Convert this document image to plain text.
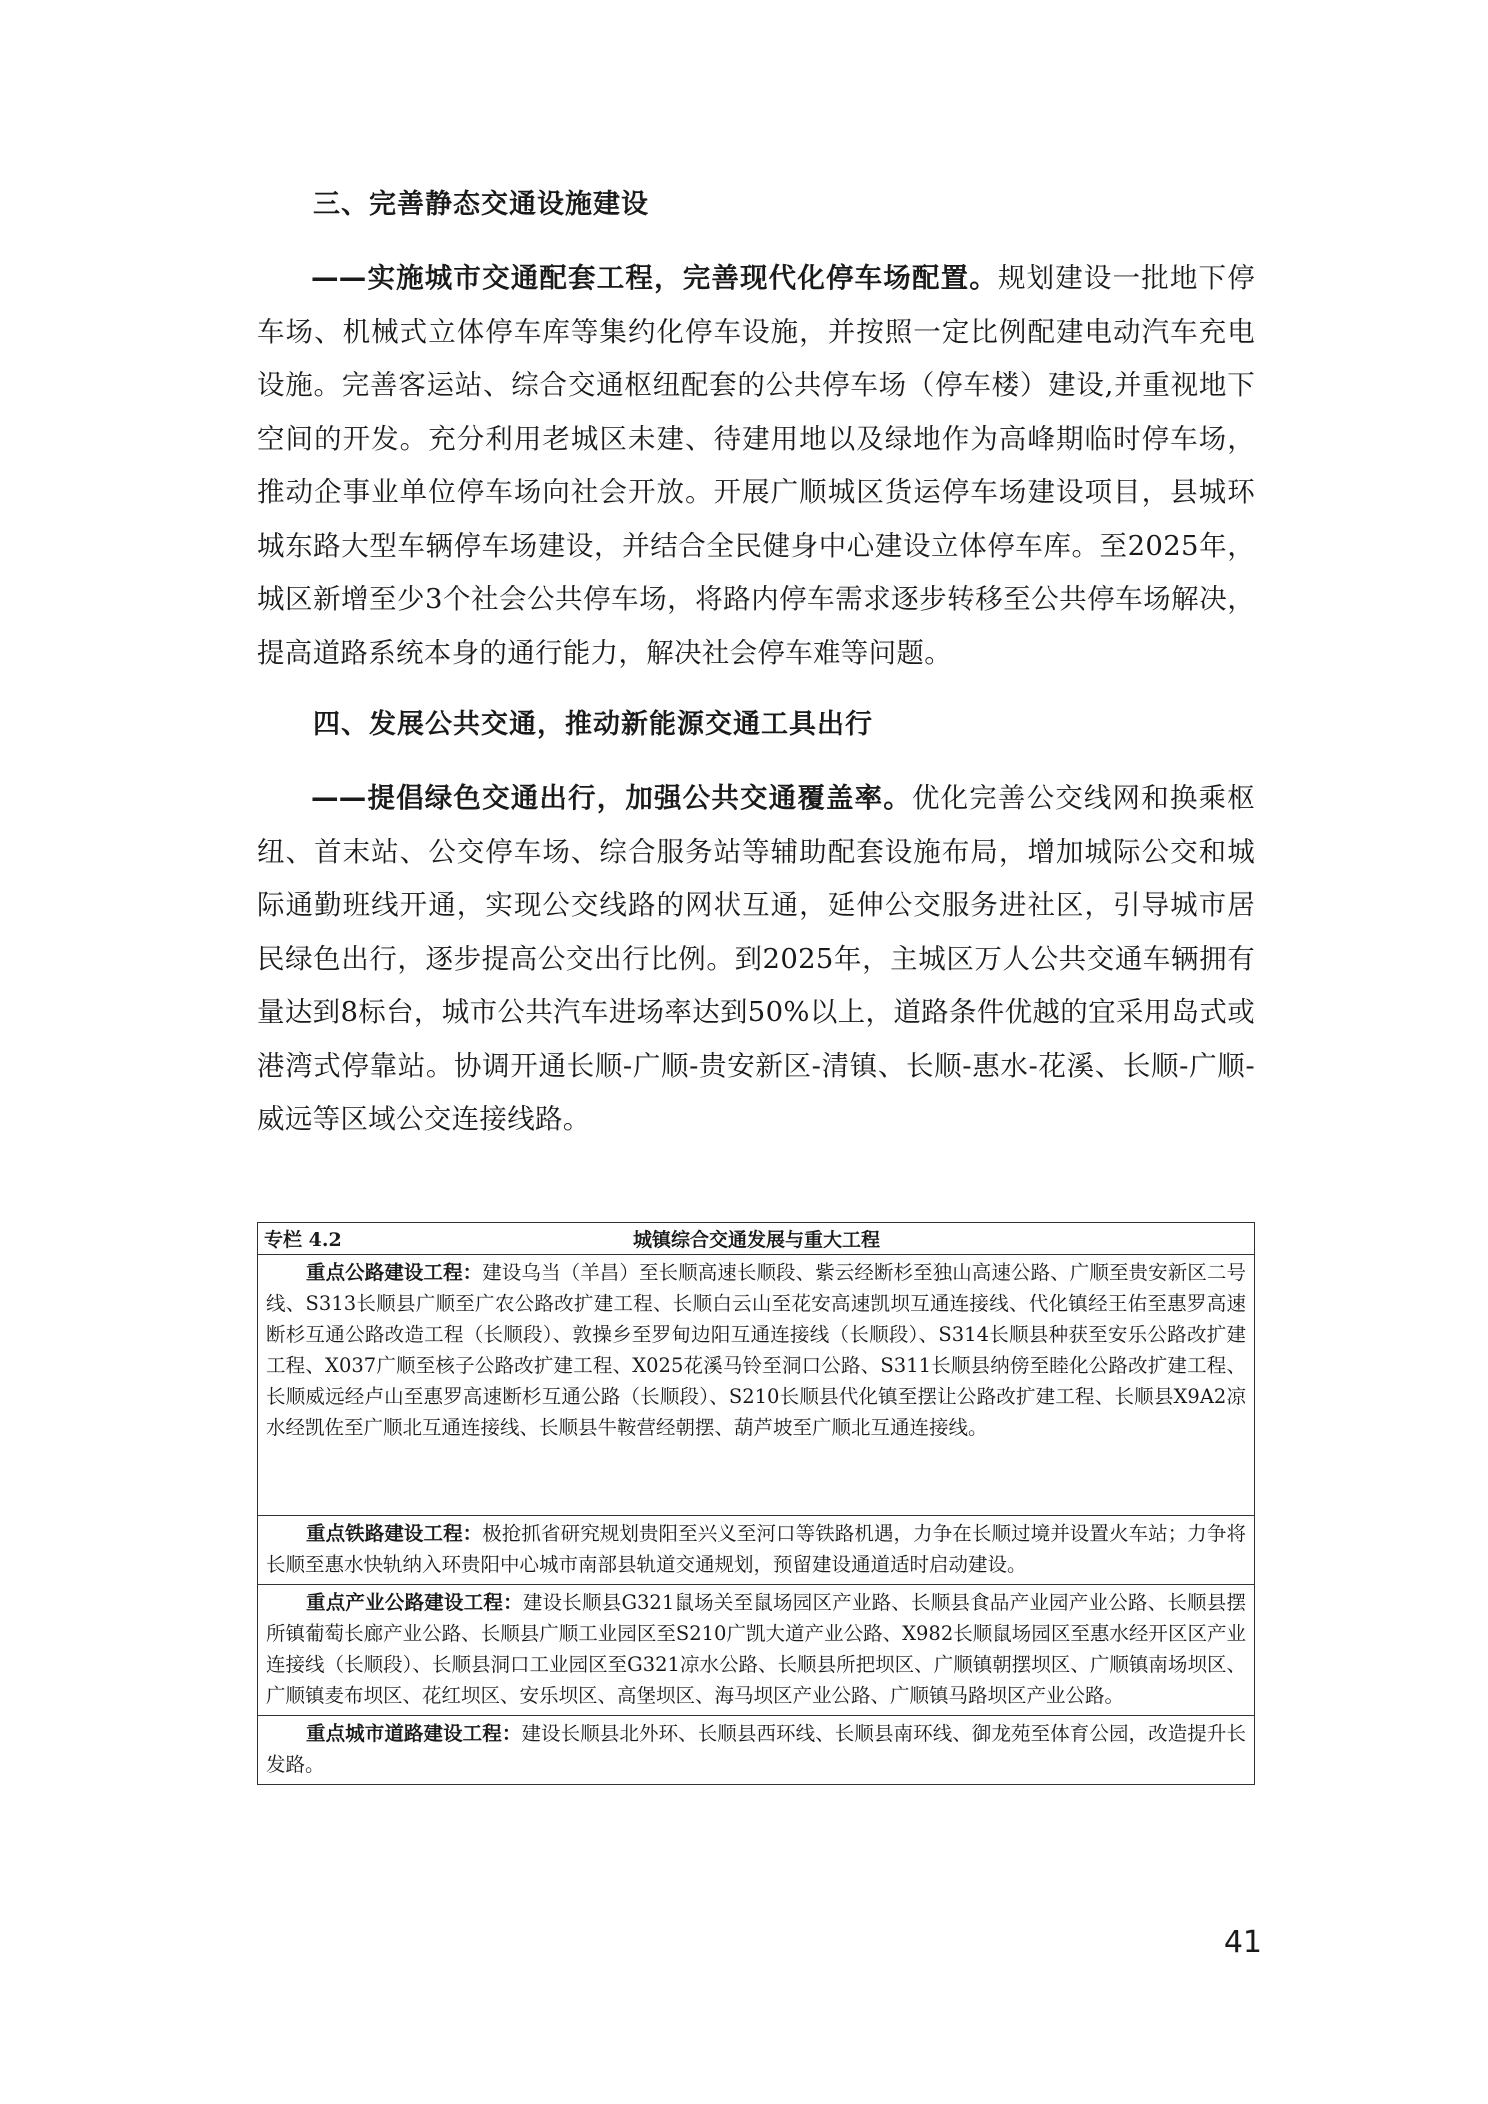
三、完善静态交通设施建设

——实施城市交通配套工程，完善现代化停车场配置。规划建设一批地下停车场、机械式立体停车库等集约化停车设施，并按照一定比例配建电动汽车充电设施。完善客运站、综合交通枢纽配套的公共停车场（停车楼）建设,并重视地下空间的开发。充分利用老城区未建、待建用地以及绿地作为高峰期临时停车场，推动企事业单位停车场向社会开放。开展广顺城区货运停车场建设项目，县城环城东路大型车辆停车场建设，并结合全民健身中心建设立体停车库。至2025年，城区新增至少3个社会公共停车场，将路内停车需求逐步转移至公共停车场解决，提高道路系统本身的通行能力，解决社会停车难等问题。

四、发展公共交通，推动新能源交通工具出行

——提倡绿色交通出行，加强公共交通覆盖率。优化完善公交线网和换乘枢纽、首末站、公交停车场、综合服务站等辅助配套设施布局，增加城际公交和城际通勤班线开通，实现公交线路的网状互通，延伸公交服务进社区，引导城市居民绿色出行，逐步提高公交出行比例。到2025年，主城区万人公共交通车辆拥有量达到8标台，城市公共汽车进场率达到50%以上，道路条件优越的宜采用岛式或港湾式停靠站。协调开通长顺-广顺-贵安新区-清镇、长顺-惠水-花溪、长顺-广顺-威远等区域公交连接线路。

专栏 4.2	城镇综合交通发展与重大工程
重点公路建设工程：建设乌当（羊昌）至长顺高速长顺段、紫云经断杉至独山高速公路、广顺至贵安新区二号线、S313长顺县广顺至广农公路改扩建工程、长顺白云山至花安高速凯坝互通连接线、代化镇经王佑至惠罗高速断杉互通公路改造工程（长顺段）、敦操乡至罗甸边阳互通连接线（长顺段）、S314长顺县种获至安乐公路改扩建工程、X037广顺至核子公路改扩建工程、X025花溪马铃至洞口公路、S311长顺县纳傍至睦化公路改扩建工程、长顺威远经卢山至惠罗高速断杉互通公路（长顺段）、S210长顺县代化镇至摆让公路改扩建工程、长顺县X9A2凉水经凯佐至广顺北互通连接线、长顺县牛鞍营经朝摆、葫芦坡至广顺北互通连接线。
重点铁路建设工程：极抢抓省研究规划贵阳至兴义至河口等铁路机遇，力争在长顺过境并设置火车站；力争将长顺至惠水快轨纳入环贵阳中心城市南部县轨道交通规划，预留建设通道适时启动建设。
重点产业公路建设工程：建设长顺县G321鼠场关至鼠场园区产业路、长顺县食品产业园产业公路、长顺县摆所镇葡萄长廊产业公路、长顺县广顺工业园区至S210广凯大道产业公路、X982长顺鼠场园区至惠水经开区区产业连接线（长顺段）、长顺县洞口工业园区至G321凉水公路、长顺县所把坝区、广顺镇朝摆坝区、广顺镇南场坝区、广顺镇麦布坝区、花红坝区、安乐坝区、高堡坝区、海马坝区产业公路、广顺镇马路坝区产业公路。
重点城市道路建设工程：建设长顺县北外环、长顺县西环线、长顺县南环线、御龙苑至体育公园，改造提升长发路。
41
